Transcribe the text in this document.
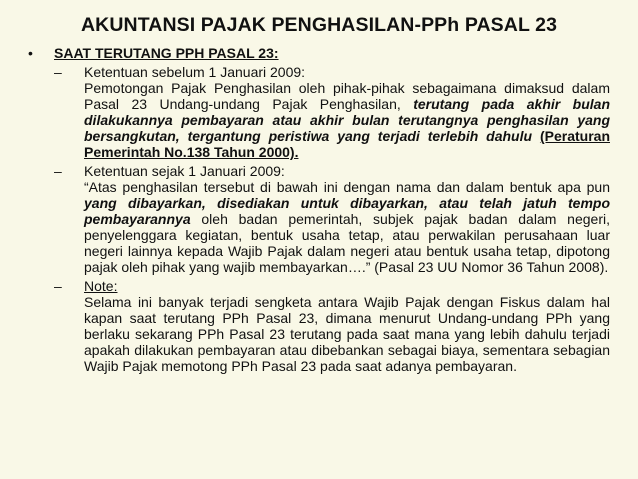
AKUNTANSI PAJAK PENGHASILAN-PPh PASAL 23
•	SAAT TERUTANG PPH PASAL 23:
–	Ketentuan sebelum 1 Januari 2009:
Pemotongan Pajak Penghasilan oleh pihak-pihak sebagaimana dimaksud dalam Pasal 23 Undang-undang Pajak Penghasilan, terutang pada akhir bulan dilakukannya pembayaran atau akhir bulan terutangnya penghasilan yang bersangkutan, tergantung peristiwa yang terjadi terlebih dahulu (Peraturan Pemerintah No.138 Tahun 2000).
–	Ketentuan sejak 1 Januari 2009:
“Atas penghasilan tersebut di bawah ini dengan nama dan dalam bentuk apa pun yang dibayarkan, disediakan untuk dibayarkan, atau telah jatuh tempo pembayarannya oleh badan pemerintah, subjek pajak badan dalam negeri, penyelenggara kegiatan, bentuk usaha tetap, atau perwakilan perusahaan luar negeri lainnya kepada Wajib Pajak dalam negeri atau bentuk usaha tetap, dipotong pajak oleh pihak yang wajib membayarkan….” (Pasal 23 UU Nomor 36 Tahun 2008).
–	Note:
Selama ini banyak terjadi sengketa antara Wajib Pajak dengan Fiskus dalam hal kapan saat terutang PPh Pasal 23, dimana menurut Undang-undang PPh yang berlaku sekarang PPh Pasal 23 terutang pada saat mana yang lebih dahulu terjadi apakah dilakukan pembayaran atau dibebankan sebagai biaya, sementara sebagian Wajib Pajak memotong PPh Pasal 23 pada saat adanya pembayaran.
